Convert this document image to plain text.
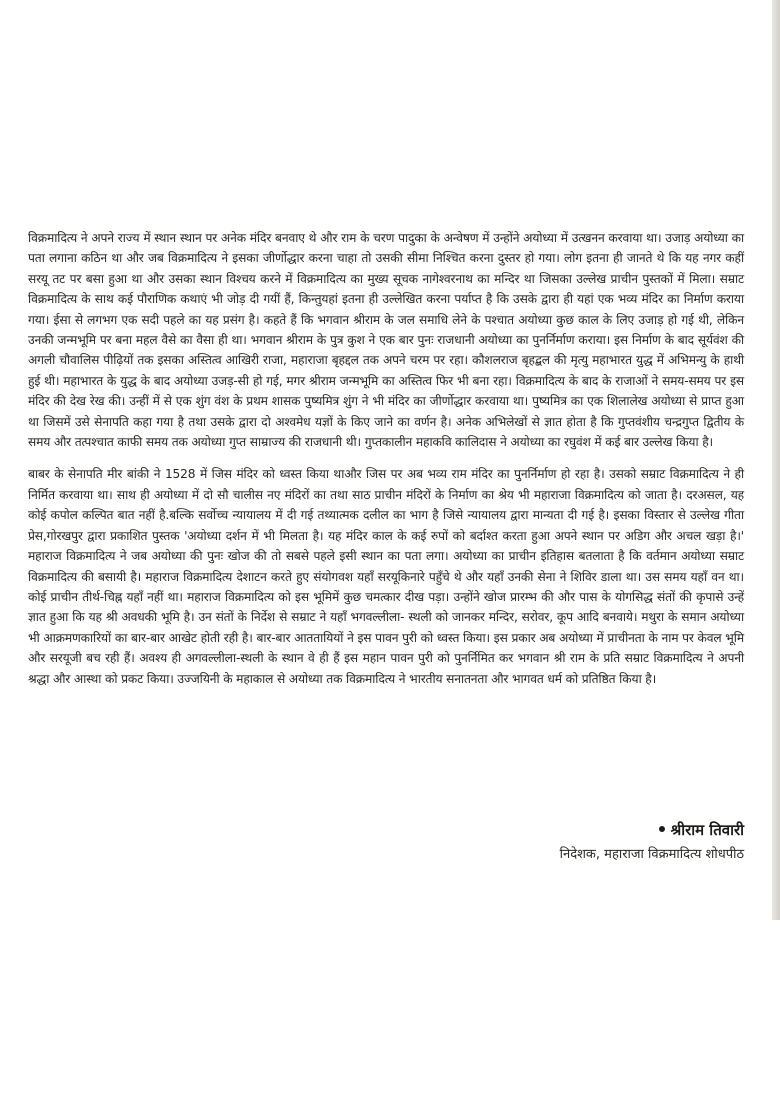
विक्रमादित्य ने अपने राज्य में स्थान स्थान पर अनेक मंदिर बनवाए थे और राम के चरण पादुका के अन्वेषण में उन्होंने अयोध्या में उत्खनन करवाया था। उजाड़ अयोध्या का पता लगाना कठिन था और जब विक्रमादित्य ने इसका जीर्णोद्धार करना चाहा तो उसकी सीमा निश्चित करना दुस्तर हो गया। लोग इतना ही जानते थे कि यह नगर कहीं सरयू तट पर बसा हुआ था और उसका स्थान विश्चय करने में विक्रमादित्य का मुख्य सूचक नागेश्वरनाथ का मन्दिर था जिसका उल्लेख प्राचीन पुस्तकों में मिला। सम्राट विक्रमादित्य के साथ कई पौराणिक कथाएं भी जोड़ दी गयीं हैं, किन्तुयहां इतना ही उल्लेखित करना पर्याप्त है कि उसके द्वारा ही यहां एक भव्य मंदिर का निर्माण कराया गया। ईसा से लगभग एक सदी पहले का यह प्रसंग है। कहते हैं कि भगवान श्रीराम के जल समाधि लेने के पश्चात अयोध्या कुछ काल के लिए उजाड़ हो गई थी, लेकिन उनकी जन्मभूमि पर बना महल वैसे का वैसा ही था। भगवान श्रीराम के पुत्र कुश ने एक बार पुनः राजधानी अयोध्या का पुनर्निर्माण कराया। इस निर्माण के बाद सूर्यवंश की अगली चौवालिस पीढ़ियों तक इसका अस्तित्व आखिरी राजा, महाराजा बृहद्दल तक अपने चरम पर रहा। कौशलराज बृहद्बल की मृत्यु महाभारत युद्ध में अभिमन्यु के हाथी हुई थी। महाभारत के युद्ध के बाद अयोध्या उजड़-सी हो गई, मगर श्रीराम जन्मभूमि का अस्तित्व फिर भी बना रहा। विक्रमादित्य के बाद के राजाओं ने समय-समय पर इस मंदिर की देख रेख की। उन्हीं में से एक शुंग वंश के प्रथम शासक पुष्यमित्र शुंग ने भी मंदिर का जीर्णोद्धार करवाया था। पुष्यमित्र का एक शिलालेख अयोध्या से प्राप्त हुआ था जिसमें उसे सेनापति कहा गया है तथा उसके द्वारा दो अश्वमेध यज्ञों के किए जाने का वर्णन है। अनेक अभिलेखों से ज्ञात होता है कि गुप्तवंशीय चन्द्रगुप्त द्वितीय के समय और तत्पश्चात काफी समय तक अयोध्या गुप्त साम्राज्य की राजधानी थी। गुप्तकालीन महाकवि कालिदास ने अयोध्या का रघुवंश में कई बार उल्लेख किया है।

बाबर के सेनापति मीर बांकी ने 1528 में जिस मंदिर को ध्वस्त किया थाऔर जिस पर अब भव्य राम मंदिर का पुनर्निर्माण हो रहा है। उसको सम्राट विक्रमादित्य ने ही निर्मित करवाया था। साथ ही अयोध्या में दो सौ चालीस नए मंदिरों का तथा साठ प्राचीन मंदिरों के निर्माण का श्रेय भी महाराजा विक्रमादित्य को जाता है। दरअसल, यह कोई कपोल कल्पित बात नहीं है.बल्कि सर्वोच्च न्यायालय में दी गई तथ्यात्मक दलील का भाग है जिसे न्यायालय द्वारा मान्यता दी गई है। इसका विस्तार से उल्लेख गीता प्रेस,गोरखपुर द्वारा प्रकाशित पुस्तक 'अयोध्या दर्शन में भी मिलता है। यह मंदिर काल के कई रुपों को बर्दाश्त करता हुआ अपने स्थान पर अडिग और अचल खड़ा है।' महाराज विक्रमादित्य ने जब अयोध्या की पुनः खोज की तो सबसे पहले इसी स्थान का पता लगा। अयोध्या का प्राचीन इतिहास बतलाता है कि वर्तमान अयोध्या सम्राट विक्रमादित्य की बसायी है। महाराज विक्रमादित्य देशाटन करते हुए संयोगवश यहाँ सरयूकिनारे पहुँचे थे और यहाँ उनकी सेना ने शिविर डाला था। उस समय यहाँ वन था। कोई प्राचीन तीर्थ-चिह्न यहाँ नहीं था। महाराज विक्रमादित्य को इस भूमिमें कुछ चमत्कार दीख पड़ा। उन्होंने खोज प्रारम्भ की और पास के योगसिद्ध संतों की कृपासे उन्हें ज्ञात हुआ कि यह श्री अवधकी भूमि है। उन संतों के निर्देश से सम्राट ने यहाँ भगवल्लीला- स्थली को जानकर मन्दिर, सरोवर, कूप आदि बनवाये। मथुरा के समान अयोध्या भी आक्रमणकारियों का बार-बार आखेट होती रही है। बार-बार आततायियों ने इस पावन पुरी को ध्वस्त किया। इस प्रकार अब अयोध्या में प्राचीनता के नाम पर केवल भूमि और सरयूजी बच रही हैं। अवश्य ही अगवल्लीला-स्थली के स्थान वे ही हैं इस महान पावन पुरी को पुनर्निमित कर भगवान श्री राम के प्रति सम्राट विक्रमादित्य ने अपनी श्रद्धा और आस्था को प्रकट किया। उज्जयिनी के महाकाल से अयोध्या तक विक्रमादित्य ने भारतीय सनातनता और भागवत धर्म को प्रतिष्ठित किया है।

श्रीराम तिवारी
निदेशक, महाराजा विक्रमादित्य शोधपीठ
